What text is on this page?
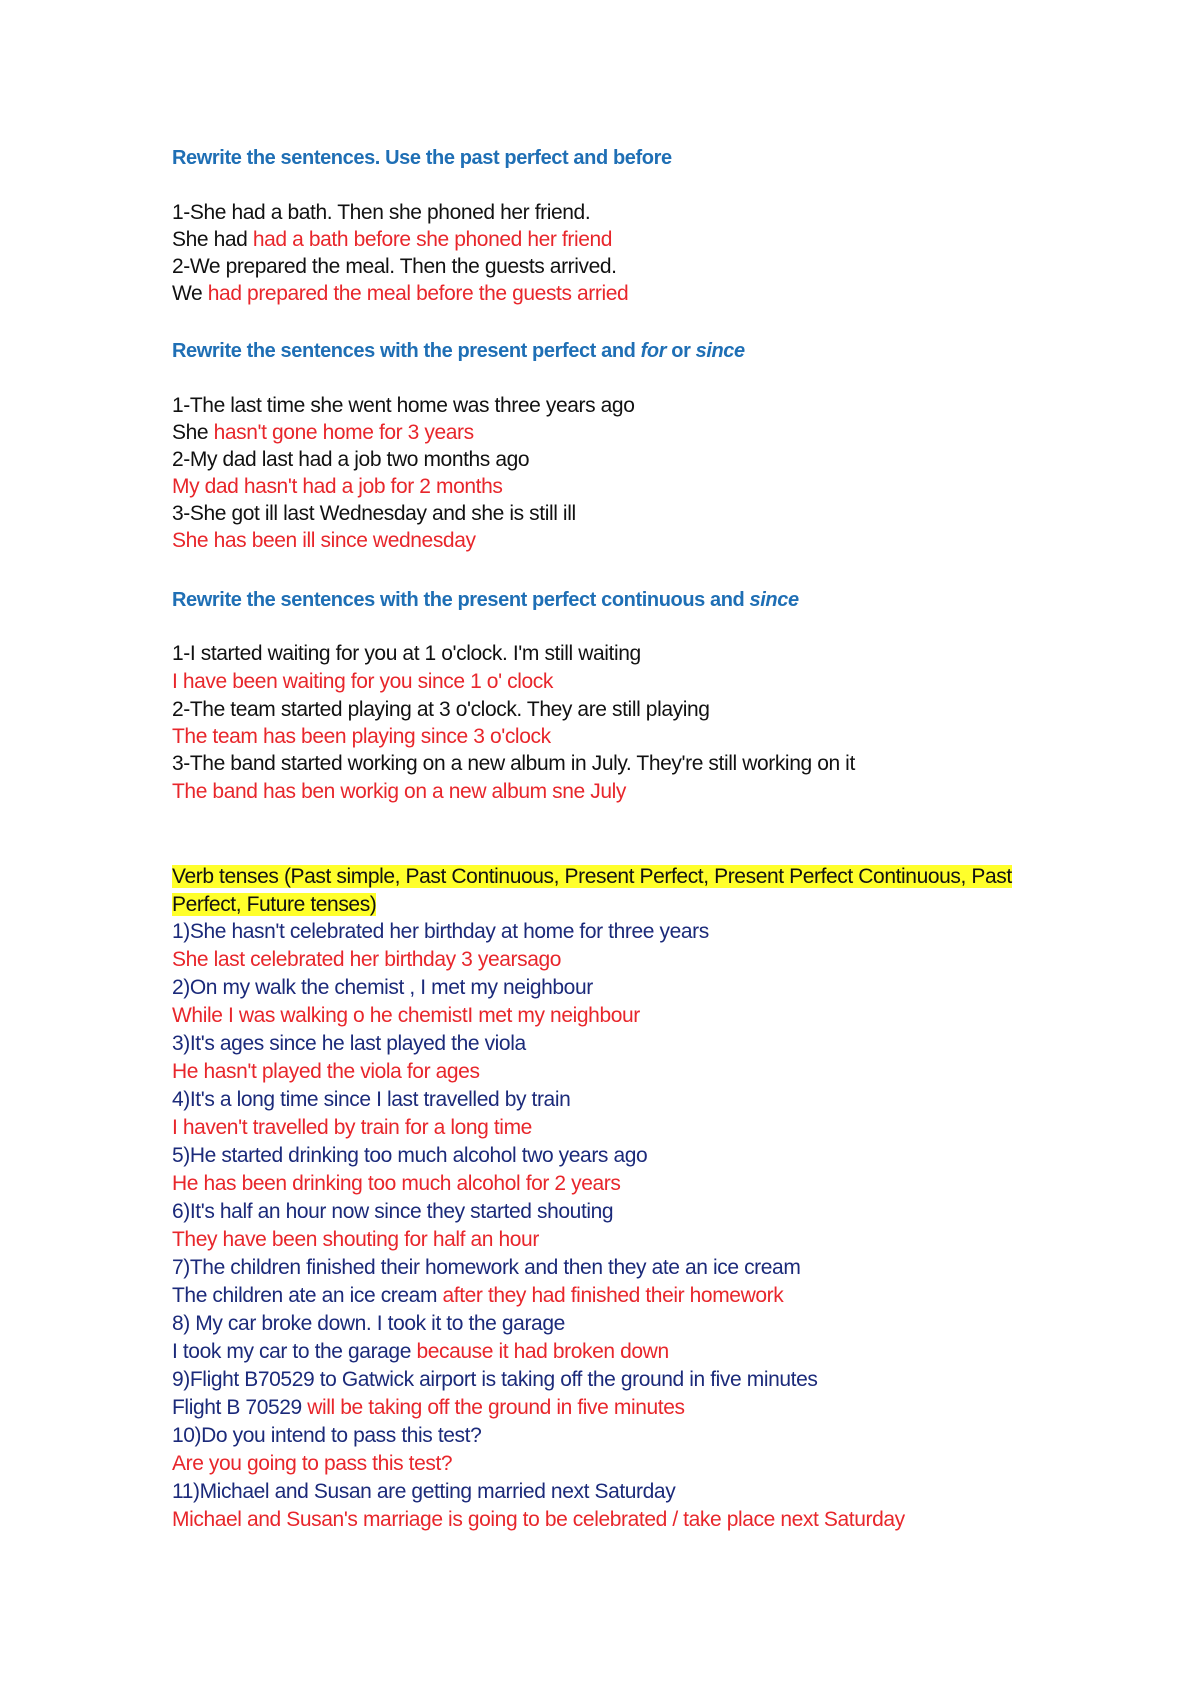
Rewrite the sentences. Use the past perfect and before
1-She had a bath. Then she phoned her friend.
She had had a bath before she phoned her friend
2-We prepared the meal. Then the guests arrived.
We had prepared the meal before the guests arried
Rewrite the sentences with the present perfect and for or since
1-The last time she went home was three years ago
She hasn't gone home for 3 years
2-My dad last had a job two months ago
My dad hasn't had a job for 2 months
3-She got ill last Wednesday and she is still ill
She has been ill since wednesday
Rewrite the sentences with the present perfect continuous and since
1-I started waiting for you at 1 o'clock. I'm still waiting
I have been waiting for you since 1 o' clock
2-The team started playing at 3 o'clock. They are still playing
The team has been playing since 3 o'clock
3-The band started working on a new album in July. They're still working on it
The band has ben workig on a new album sne July
Verb tenses (Past simple, Past Continuous, Present Perfect, Present Perfect Continuous, Past
Perfect, Future tenses)
1)She hasn't celebrated her birthday at home for three years
She last celebrated her birthday 3 yearsago
2)On my walk the chemist , I met my neighbour
While I was walking o he chemistI met my neighbour
3)It's ages since he last played the viola
He hasn't played the viola for ages
4)It's a long time since I last travelled by train
I haven't travelled by train for a long time
5)He started drinking too much alcohol two years ago
He has been drinking too much alcohol for 2 years
6)It's half an hour now since they started shouting
They have been shouting for half an hour
7)The children finished their homework and then they ate an ice cream
The children ate an ice cream after they had finished their homework
8) My car broke down. I took it to the garage
I took my car to the garage because it had broken down
9)Flight B70529 to Gatwick airport is taking off the ground in five minutes
Flight B 70529 will be taking off the ground in five minutes
10)Do you intend to pass this test?
Are you going to pass this test?
11)Michael and Susan are getting married next Saturday
Michael and Susan's marriage is going to be celebrated / take place next Saturday
